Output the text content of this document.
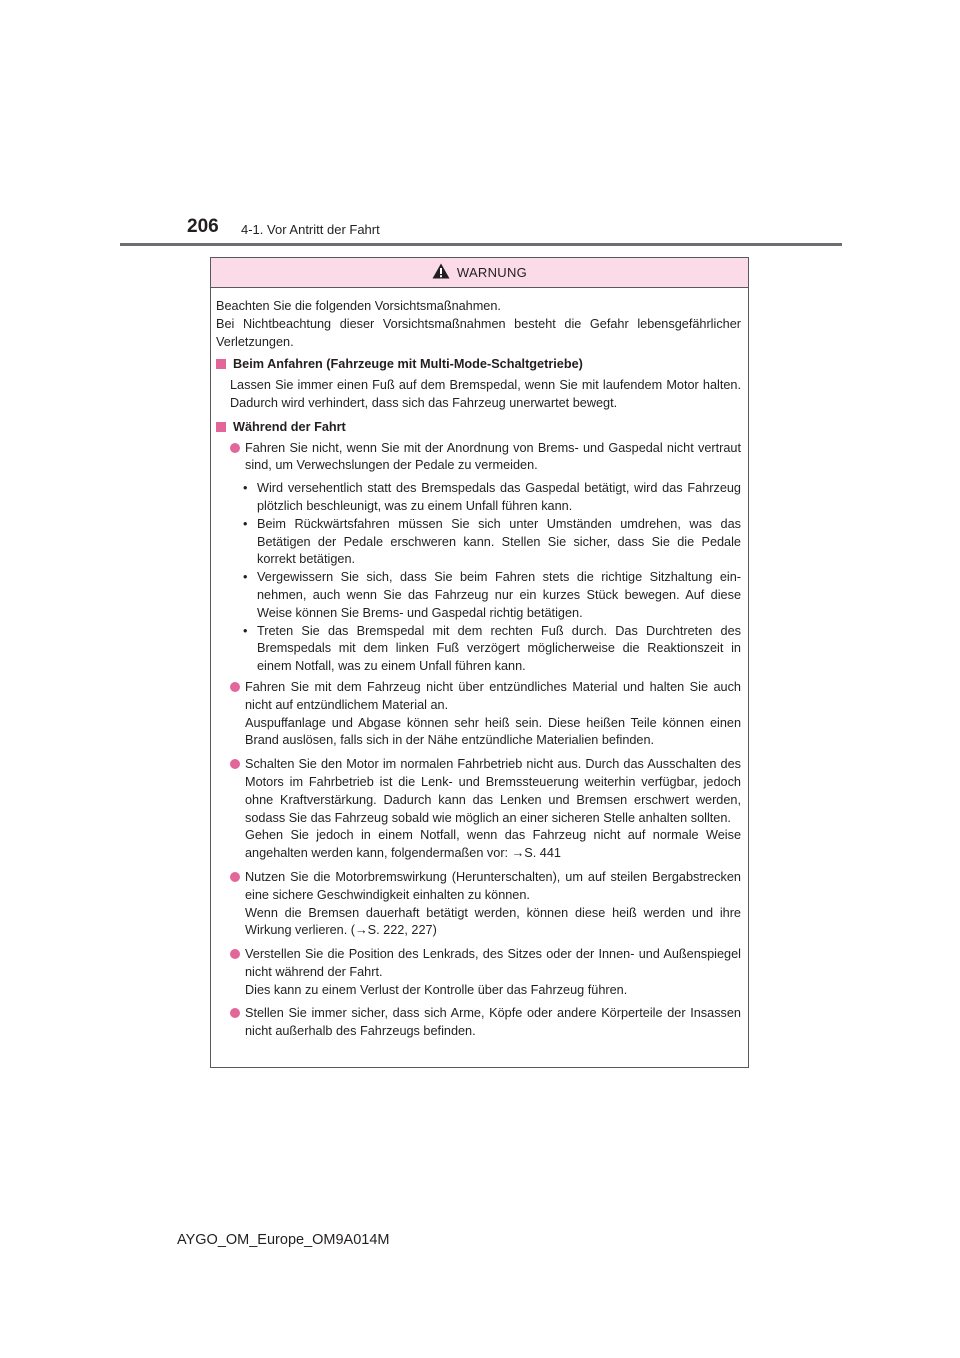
206 4-1. Vor Antritt der Fahrt
WARNUNG

Beachten Sie die folgenden Vorsichtsmaßnahmen.

Bei Nichtbeachtung dieser Vorsichtsmaßnahmen besteht die Gefahr lebensgefährlicher Verletzungen.

Beim Anfahren (Fahrzeuge mit Multi-Mode-Schaltgetriebe)

Lassen Sie immer einen Fuß auf dem Bremspedal, wenn Sie mit laufendem Motor halten. Dadurch wird verhindert, dass sich das Fahrzeug unerwartet bewegt.

Während der Fahrt
Fahren Sie nicht, wenn Sie mit der Anordnung von Brems- und Gaspedal nicht vertraut sind, um Verwechslungen der Pedale zu vermeiden.
• Wird versehentlich statt des Bremspedals das Gaspedal betätigt, wird das Fahrzeug plötzlich beschleunigt, was zu einem Unfall führen kann.
• Beim Rückwärtsfahren müssen Sie sich unter Umständen umdrehen, was das Betätigen der Pedale erschweren kann. Stellen Sie sicher, dass Sie die Pedale korrekt betätigen.
• Vergewissern Sie sich, dass Sie beim Fahren stets die richtige Sitzhaltung einnehmen, auch wenn Sie das Fahrzeug nur ein kurzes Stück bewegen. Auf diese Weise können Sie Brems- und Gaspedal richtig betätigen.
• Treten Sie das Bremspedal mit dem rechten Fuß durch. Das Durchtreten des Bremspedals mit dem linken Fuß verzögert möglicherweise die Reaktionszeit in einem Notfall, was zu einem Unfall führen kann.
Fahren Sie mit dem Fahrzeug nicht über entzündliches Material und halten Sie auch nicht auf entzündlichem Material an.
Auspuffanlage und Abgase können sehr heiß sein. Diese heißen Teile können einen Brand auslösen, falls sich in der Nähe entzündliche Materialien befinden.
Schalten Sie den Motor im normalen Fahrbetrieb nicht aus. Durch das Ausschalten des Motors im Fahrbetrieb ist die Lenk- und Bremssteuerung weiterhin verfügbar, jedoch ohne Kraftverstärkung. Dadurch kann das Lenken und Bremsen erschwert werden, sodass Sie das Fahrzeug sobald wie möglich an einer sicheren Stelle anhalten sollten.
Gehen Sie jedoch in einem Notfall, wenn das Fahrzeug nicht auf normale Weise angehalten werden kann, folgendermaßen vor: →S. 441
Nutzen Sie die Motorbremswirkung (Herunterschalten), um auf steilen Bergabstrecken eine sichere Geschwindigkeit einhalten zu können.
Wenn die Bremsen dauerhaft betätigt werden, können diese heiß werden und ihre Wirkung verlieren. (→S. 222, 227)
Verstellen Sie die Position des Lenkrads, des Sitzes oder der Innen- und Außenspiegel nicht während der Fahrt.
Dies kann zu einem Verlust der Kontrolle über das Fahrzeug führen.
Stellen Sie immer sicher, dass sich Arme, Köpfe oder andere Körperteile der Insassen nicht außerhalb des Fahrzeugs befinden.
AYGO_OM_Europe_OM9A014M
